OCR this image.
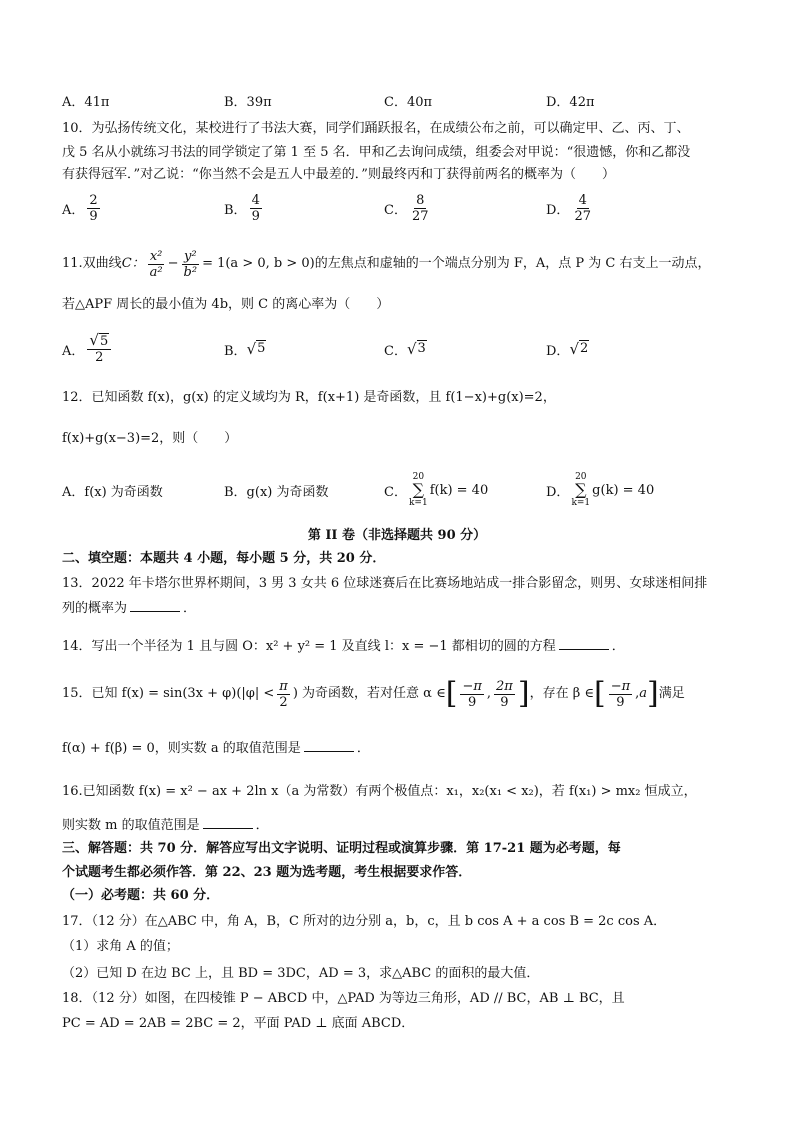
A．41π	B．39π	C．40π	D．42π
10．为弘扬传统文化，某校进行了书法大赛，同学们踊跃报名，在成绩公布之前，可以确定甲、乙、丙、丁、
戊 5 名从小就练习书法的同学锁定了第 1 至 5 名．甲和乙去询问成绩，组委会对甲说：“很遗憾，你和乙都没
有获得冠军．”对乙说：“你当然不会是五人中最差的．”则最终丙和丁获得前两名的概率为（　　）
A． $\frac{2}{9}$	B． $\frac{4}{9}$	C． $\frac{8}{27}$	D． $\frac{4}{27}$
11.双曲线 C： $\frac{\text{x²}}{\text{a²}} - \frac{\text{y²}}{\text{b²}} = 1(a > 0$, b > 0) 的左焦点和虚轴的一个端点分别为 F，A，点 P 为 C 右支上一动点，
若△APF 周长的最小值为 4b，则 C 的离心率为（　　）
A． $\frac{√ 5}{2}$	B． √ 5	C． √ 3	D． √ 2
12．已知函数 f(x)，g(x) 的定义域均为 R，f(x+1) 是奇函数，且 f(1−x)+g(x)=2，
f(x)+g(x−3)=2，则（　　）
A．f(x) 为奇函数	B．g(x) 为奇函数	C．
20
∑
k=1
f(k) = 40	D．
20
∑
k=1
g(k) = 40
第 II 卷（非选择题共 90 分）
二、填空题：本题共 4 小题，每小题 5 分，共 20 分．
13．2022 年卡塔尔世界杯期间，3 男 3 女共 6 位球迷赛后在比赛场地站成一排合影留念，则男、女球迷相间排
列的概率为	．
14．写出一个半径为 1 且与圆 O：x² + y² = 1 及直线 l：x = −1 都相切的圆的方程	．
15．已知 $f(x) = \sin(3x + \varphi)(|\varphi| < \frac{\pi}{2}$ ) 为奇函数，若对任意 α ∈ [ $\frac{-\pi}{9}$ , $\frac{2\pi}{9}$ ] ，存在 β ∈ [ $\frac{-\pi}{9}$ , a ] 满足
f(α) + f(β) = 0，则实数 a 的取值范围是	．
16.已知函数 f(x) = x² − ax + 2ln x（a 为常数）有两个极值点：x₁，x₂(x₁ < x₂)，若 f(x₁) > mx₂ 恒成立，
则实数 m 的取值范围是	．
三、解答题：共 70 分．解答应写出文字说明、证明过程或演算步骤．第 17-21 题为必考题，每
个试题考生都必须作答．第 22、23 题为选考题，考生根据要求作答．
（一）必考题：共 60 分．
17．（12 分）在△ABC 中，角 A，B，C 所对的边分别 a，b，c，且 b cos A + a cos B = 2c cos A．
（1）求角 A 的值；
（2）已知 D 在边 BC 上，且 BD = 3DC，AD = 3，求△ABC 的面积的最大值．
18．（12 分）如图，在四棱锥 P − ABCD 中，△PAD 为等边三角形，AD // BC，AB ⊥ BC，且
PC = AD = 2AB = 2BC = 2，平面 PAD ⊥ 底面 ABCD．
